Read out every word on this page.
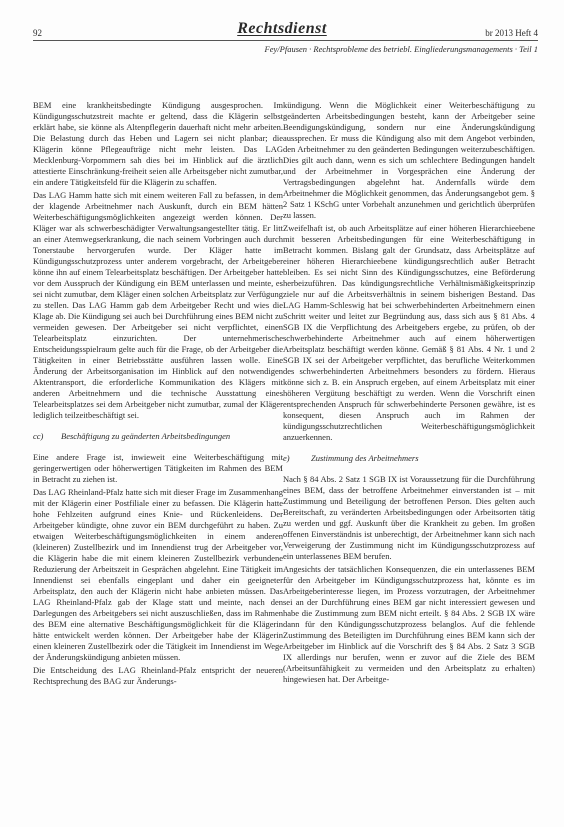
92	Rechtsdienst	br 2013 Heft 4
Fey/Pfausen · Rechtsprobleme des betriebl. Eingliederungsmanagements · Teil 1

BEM eine krankheitsbedingte Kündigung ausgesprochen. Im Kündigungsschutzstreit machte er geltend, dass die Klägerin selbst erklärt habe, sie könne als Altenpflegerin dauerhaft nicht mehr arbeiten. Die Belastung durch das Heben und Lagern sei nicht planbar; die Klägerin könne Pflegeaufträge nicht mehr leisten. Das LAG Mecklenburg-Vorpommern sah dies bei im Hinblick auf die ärztlich attestierte Einschränkung-freiheit seien alle Arbeitsgeber nicht zumutbar, ein andere Tätigkeitsfeld für die Klägerin zu schaffen.

Das LAG Hamm hatte sich mit einem weiteren Fall zu befassen, in dem der klagende Arbeitnehmer nach Auskunft, durch ein BEM hätten Weiterbeschäftigungsmöglichkeiten angezeigt werden können. Der Kläger war als schwerbeschädigter Verwaltungsangestellter tätig. Er litt an einer Atemwegserkrankung, die nach seinem Vorbringen auch durch Tonerstaube hervorgerufen wurde. Der Kläger hatte im Kündigungsschutzprozess unter anderem vorgebracht, der Arbeitgeber könne ihn auf einem Telearbeitsplatz beschäftigen. Der Arbeitgeber hatte vor dem Ausspruch der Kündigung ein BEM unterlassen und meinte, es sei nicht zumutbar, dem Kläger einen solchen Arbeitsplatz zur Verfügung zu stellen. Das LAG Hamm gab dem Arbeitgeber Recht und wies die Klage ab. Die Kündigung sei auch bei Durchführung eines BEM nicht zu vermeiden gewesen. Der Arbeitgeber sei nicht verpflichtet, einen Telearbeitsplatz einzurichten. Der unternehmerische Entscheidungsspielraum gelte auch für die Frage, ob der Arbeitgeber die Tätigkeiten in einer Betriebsstätte ausführen lassen wolle. Eine Änderung der Arbeitsorganisation im Hinblick auf den notwendigen Aktentransport, die erforderliche Kommunikation des Klägers mit anderen Arbeitnehmern und die technische Ausstattung eines Telearbeitsplatzes sei dem Arbeitgeber nicht zumutbar, zumal der Kläger lediglich teilzeitbeschäftigt sei.

cc)	Beschäftigung zu geänderten Arbeitsbedingungen

Eine andere Frage ist, inwieweit eine Weiterbeschäftigung mit geringerwertigen oder höherwertigen Tätigkeiten im Rahmen des BEM in Betracht zu ziehen ist.

Das LAG Rheinland-Pfalz hatte sich mit dieser Frage im Zusammenhang mit der Klägerin einer Postfiliale einer zu befassen. Die Klägerin hatte hohe Fehlzeiten aufgrund eines Knie- und Rückenleidens. Der Arbeitgeber kündigte, ohne zuvor ein BEM durchgeführt zu haben. Zu etwaigen Weiterbeschäftigungsmöglichkeiten in einem anderen (kleineren) Zustellbezirk und im Innendienst trug der Arbeitgeber vor, die Klägerin habe die mit einem kleineren Zustellbezirk verbundene Reduzierung der Arbeitszeit in Gesprächen abgelehnt. Eine Tätigkeit im Innendienst sei ebenfalls eingeplant und daher ein geeigneter Arbeitsplatz, den auch der Klägerin nicht habe anbieten müssen. Das LAG Rheinland-Pfalz gab der Klage statt und meinte, nach den Darlegungen des Arbeitgebers sei nicht auszuschließen, dass im Rahmen des BEM eine alternative Beschäftigungsmöglichkeit für die Klägerin hätte entwickelt werden können. Der Arbeitgeber habe der Klägerin einen kleineren Zustellbezirk oder die Tätigkeit im Innendienst im Wege der Änderungskündigung anbieten müssen.

Die Entscheidung des LAG Rheinland-Pfalz entspricht der neueren Rechtsprechung des BAG zur Änderungs-

kündigung. Wenn die Möglichkeit einer Weiterbeschäftigung zu geänderten Arbeitsbedingungen besteht, kann der Arbeitgeber seine Beendigungskündigung, sondern nur eine Änderungskündigung aussprechen. Er muss die Kündigung also mit dem Angebot verbinden, den Arbeitnehmer zu den geänderten Bedingungen weiterzubeschäftigen. Dies gilt auch dann, wenn es sich um schlechtere Bedingungen handelt und der Arbeitnehmer in Vorgesprächen eine Änderung der Vertragsbedingungen abgelehnt hat. Andernfalls würde dem Arbeitnehmer die Möglichkeit genommen, das Änderungsangebot gem. § 2 Satz 1 KSchG unter Vorbehalt anzunehmen und gerichtlich überprüfen zu lassen.

Zweifelhaft ist, ob auch Arbeitsplätze auf einer höheren Hierarchieebene mit besseren Arbeitsbedingungen für eine Weiterbeschäftigung in Betracht kommen. Bislang galt der Grundsatz, dass Arbeitsplätze auf einer höheren Hierarchieebene kündigungsrechtlich außer Betracht bleiben. Es sei nicht Sinn des Kündigungsschutzes, eine Beförderung herbeizuführen. Das kündigungsrechtliche Verhältnismäßigkeitsprinzip ziele nur auf die Arbeitsverhältnis in seinem bisherigen Bestand. Das LAG Hamm-Schleswig hat bei schwerbehinderten Arbeitnehmern einen Schritt weiter und leitet zur Begründung aus, dass sich aus § 81 Abs. 4 SGB IX die Verpflichtung des Arbeitgebers ergebe, zu prüfen, ob der schwerbehinderte Arbeitnehmer auch auf einem höherwertigen Arbeitsplatz beschäftigt werden könne. Gemäß § 81 Abs. 4 Nr. 1 und 2 SGB IX sei der Arbeitgeber verpflichtet, das berufliche Weiterkommen des schwerbehinderten Arbeitnehmers besonders zu fördern. Hieraus könne sich z. B. ein Anspruch ergeben, auf einem Arbeitsplatz mit einer höheren Vergütung beschäftigt zu werden. Wenn die Vorschrift einen entsprechenden Anspruch für schwerbehinderte Personen gewähre, ist es konsequent, diesen Anspruch auch im Rahmen der kündigungsschutzrechtlichen Weiterbeschäftigungsmöglichkeit anzuerkennen.

e)	Zustimmung des Arbeitnehmers

Nach § 84 Abs. 2 Satz 1 SGB IX ist Voraussetzung für die Durchführung eines BEM, dass der betroffene Arbeitnehmer einverstanden ist – mit Zustimmung und Beteiligung der betroffenen Person. Dies gelten auch Bereitschaft, zu veränderten Arbeitsbedingungen oder Arbeitsorten tätig zu werden und ggf. Auskunft über die Krankheit zu geben. Im großen offenen Einverständnis ist unberechtigt, der Arbeitnehmer kann sich nach Verweigerung der Zustimmung nicht im Kündigungsschutzprozess auf ein unterlassenes BEM berufen.

Angesichts der tatsächlichen Konsequenzen, die ein unterlassenes BEM für den Arbeitgeber im Kündigungsschutzprozess hat, könnte es im Arbeitgeberinteresse liegen, im Prozess vorzutragen, der Arbeitnehmer sei an der Durchführung eines BEM gar nicht interessiert gewesen und habe die Zustimmung zum BEM nicht erteilt. § 84 Abs. 2 SGB IX wäre dann für den Kündigungsschutzprozess belanglos. Auf die fehlende Zustimmung des Beteiligten im Durchführung eines BEM kann sich der Arbeitgeber im Hinblick auf die Vorschrift des § 84 Abs. 2 Satz 3 SGB IX allerdings nur berufen, wenn er zuvor auf die Ziele des BEM (Arbeitsunfähigkeit zu vermeiden und den Arbeitsplatz zu erhalten) hingewiesen hat. Der Arbeitge-
